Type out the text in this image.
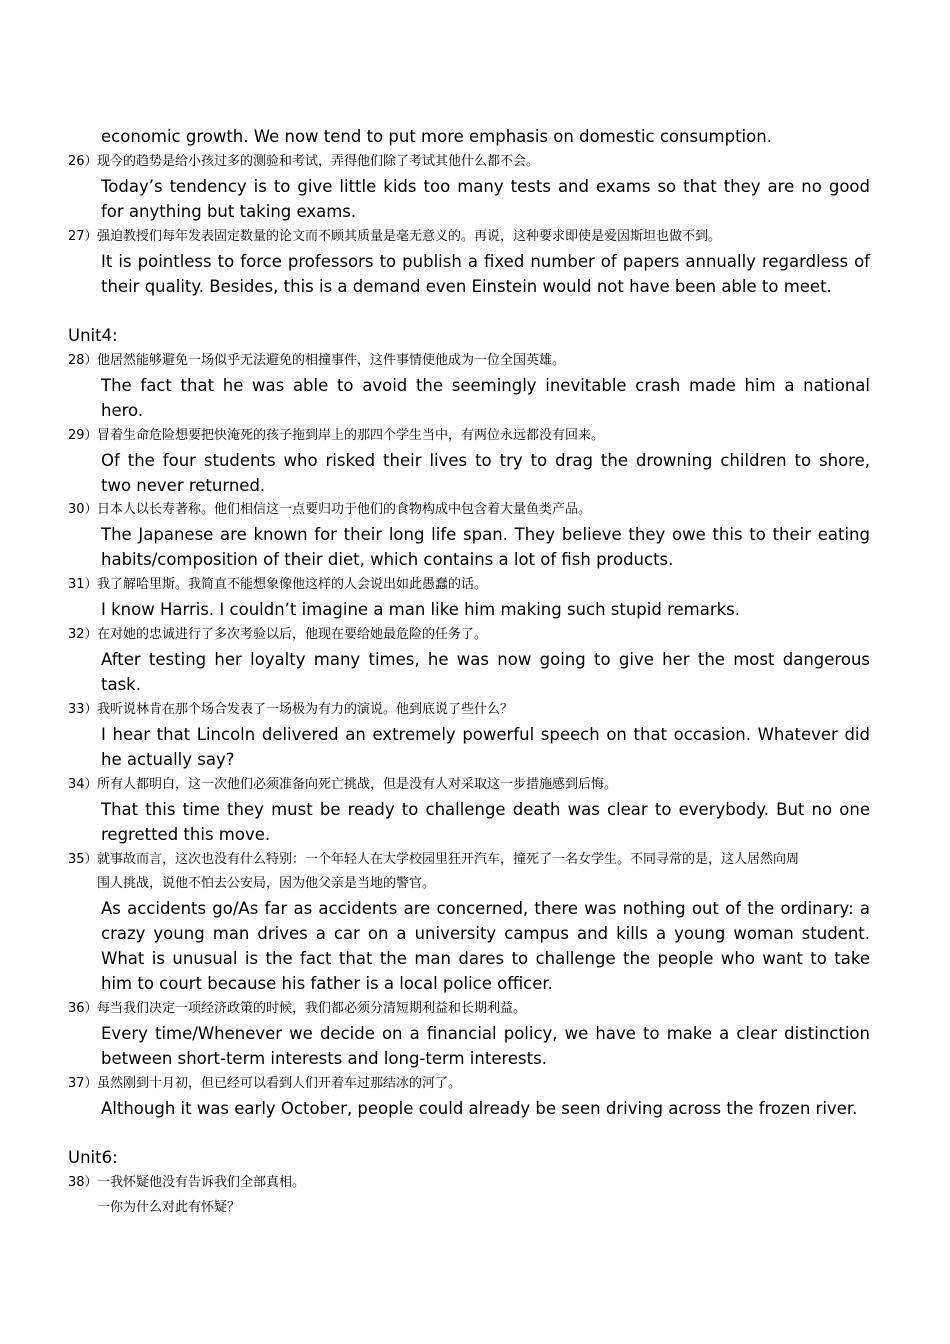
economic growth. We now tend to put more emphasis on domestic consumption.
26） 现今的趋势是给小孩过多的测验和考试，弄得他们除了考试其他什么都不会。
Today’s tendency is to give little kids too many tests and exams so that they are no good
for anything but taking exams.
27） 强迫教授们每年发表固定数量的论文而不顾其质量是毫无意义的。再说，这种要求即使是爱因斯坦也做不到。
It is pointless to force professors to publish a fixed number of papers annually regardless of
their quality. Besides, this is a demand even Einstein would not have been able to meet.
Unit4:
28） 他居然能够避免一场似乎无法避免的相撞事件，这件事情使他成为一位全国英雄。
The fact that he was able to avoid the seemingly inevitable crash made him a national
hero.
29） 冒着生命危险想要把快淹死的孩子拖到岸上的那四个学生当中，有两位永远都没有回来。
Of the four students who risked their lives to try to drag the drowning children to shore,
two never returned.
30） 日本人以长寿著称。他们相信这一点要归功于他们的食物构成中包含着大量鱼类产品。
The Japanese are known for their long life span. They believe they owe this to their eating
habits/composition of their diet, which contains a lot of fish products.
31） 我了解哈里斯。我简直不能想象像他这样的人会说出如此愚蠢的话。
I know Harris. I couldn’t imagine a man like him making such stupid remarks.
32） 在对她的忠诚进行了多次考验以后，他现在要给她最危险的任务了。
After testing her loyalty many times, he was now going to give her the most dangerous
task.
33） 我听说林肯在那个场合发表了一场极为有力的演说。他到底说了些什么？
I hear that Lincoln delivered an extremely powerful speech on that occasion. Whatever did
he actually say?
34） 所有人都明白，这一次他们必须准备向死亡挑战，但是没有人对采取这一步措施感到后悔。
That this time they must be ready to challenge death was clear to everybody. But no one
regretted this move.
35） 就事故而言，这次也没有什么特别：一个年轻人在大学校园里狂开汽车，撞死了一名女学生。不同寻常的是，这人居然向周
围人挑战，说他不怕去公安局，因为他父亲是当地的警官。
As accidents go/As far as accidents are concerned, there was nothing out of the ordinary: a
crazy young man drives a car on a university campus and kills a young woman student.
What is unusual is the fact that the man dares to challenge the people who want to take
him to court because his father is a local police officer.
36） 每当我们决定一项经济政策的时候，我们都必须分清短期利益和长期利益。
Every time/Whenever we decide on a financial policy, we have to make a clear distinction
between short-term interests and long-term interests.
37） 虽然刚到十月初，但已经可以看到人们开着车过那结冰的河了。
Although it was early October, people could already be seen driving across the frozen river.
Unit6:
38） 一我怀疑他没有告诉我们全部真相。
一你为什么对此有怀疑？
